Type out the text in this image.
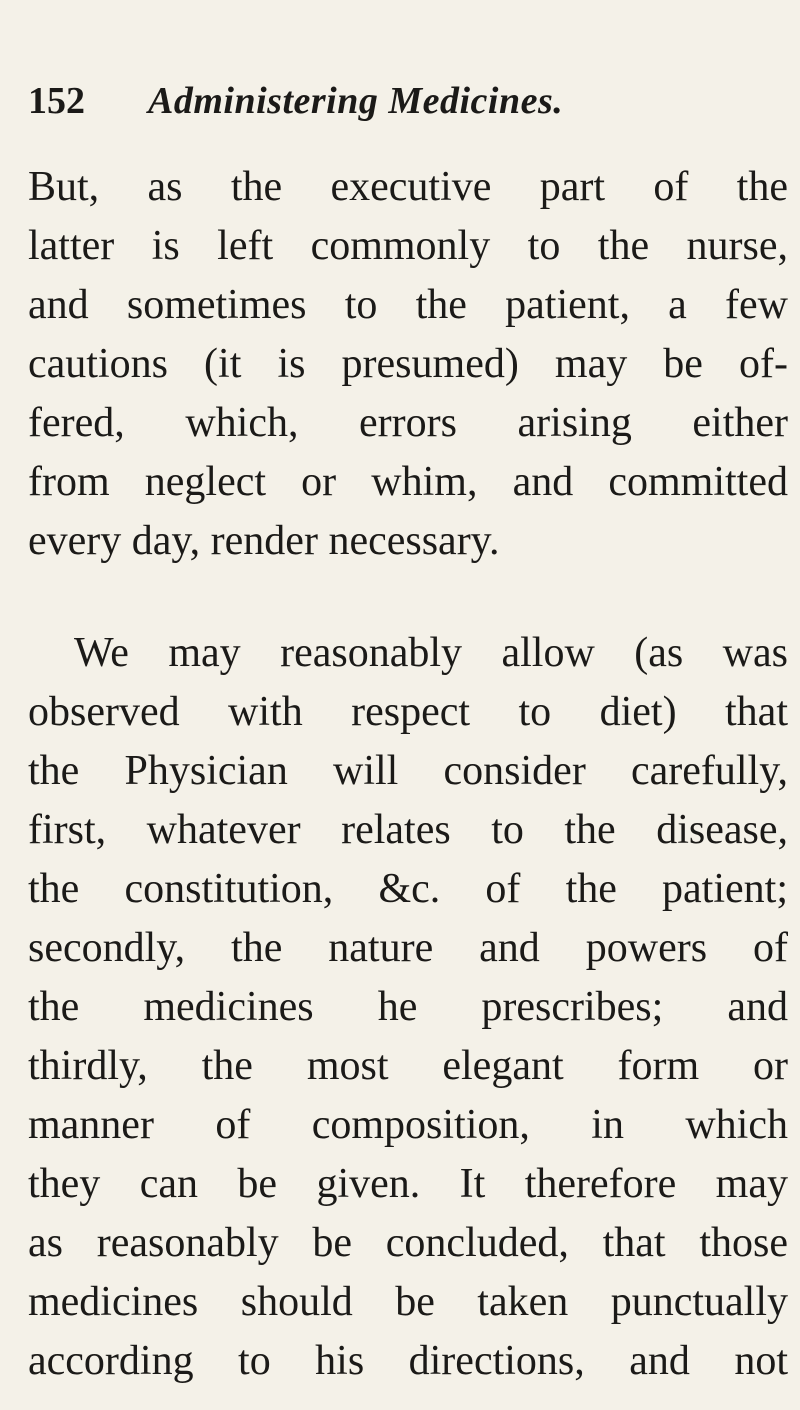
152 Administering Medicines.

But, as the executive part of the
latter is left commonly to the nurse,
and sometimes to the patient, a few
cautions (it is presumed) may be of-
fered, which, errors arising either
from neglect or whim, and committed
every day, render necessary.

We may reasonably allow (as was
observed with respect to diet) that
the Physician will consider carefully,
first, whatever relates to the disease,
the constitution, &c. of the patient;
secondly, the nature and powers of
the medicines he prescribes; and
thirdly, the most elegant form or
manner of composition, in which
they can be given. It therefore may
as reasonably be concluded, that those
medicines should be taken punctually
according to his directions, and not
